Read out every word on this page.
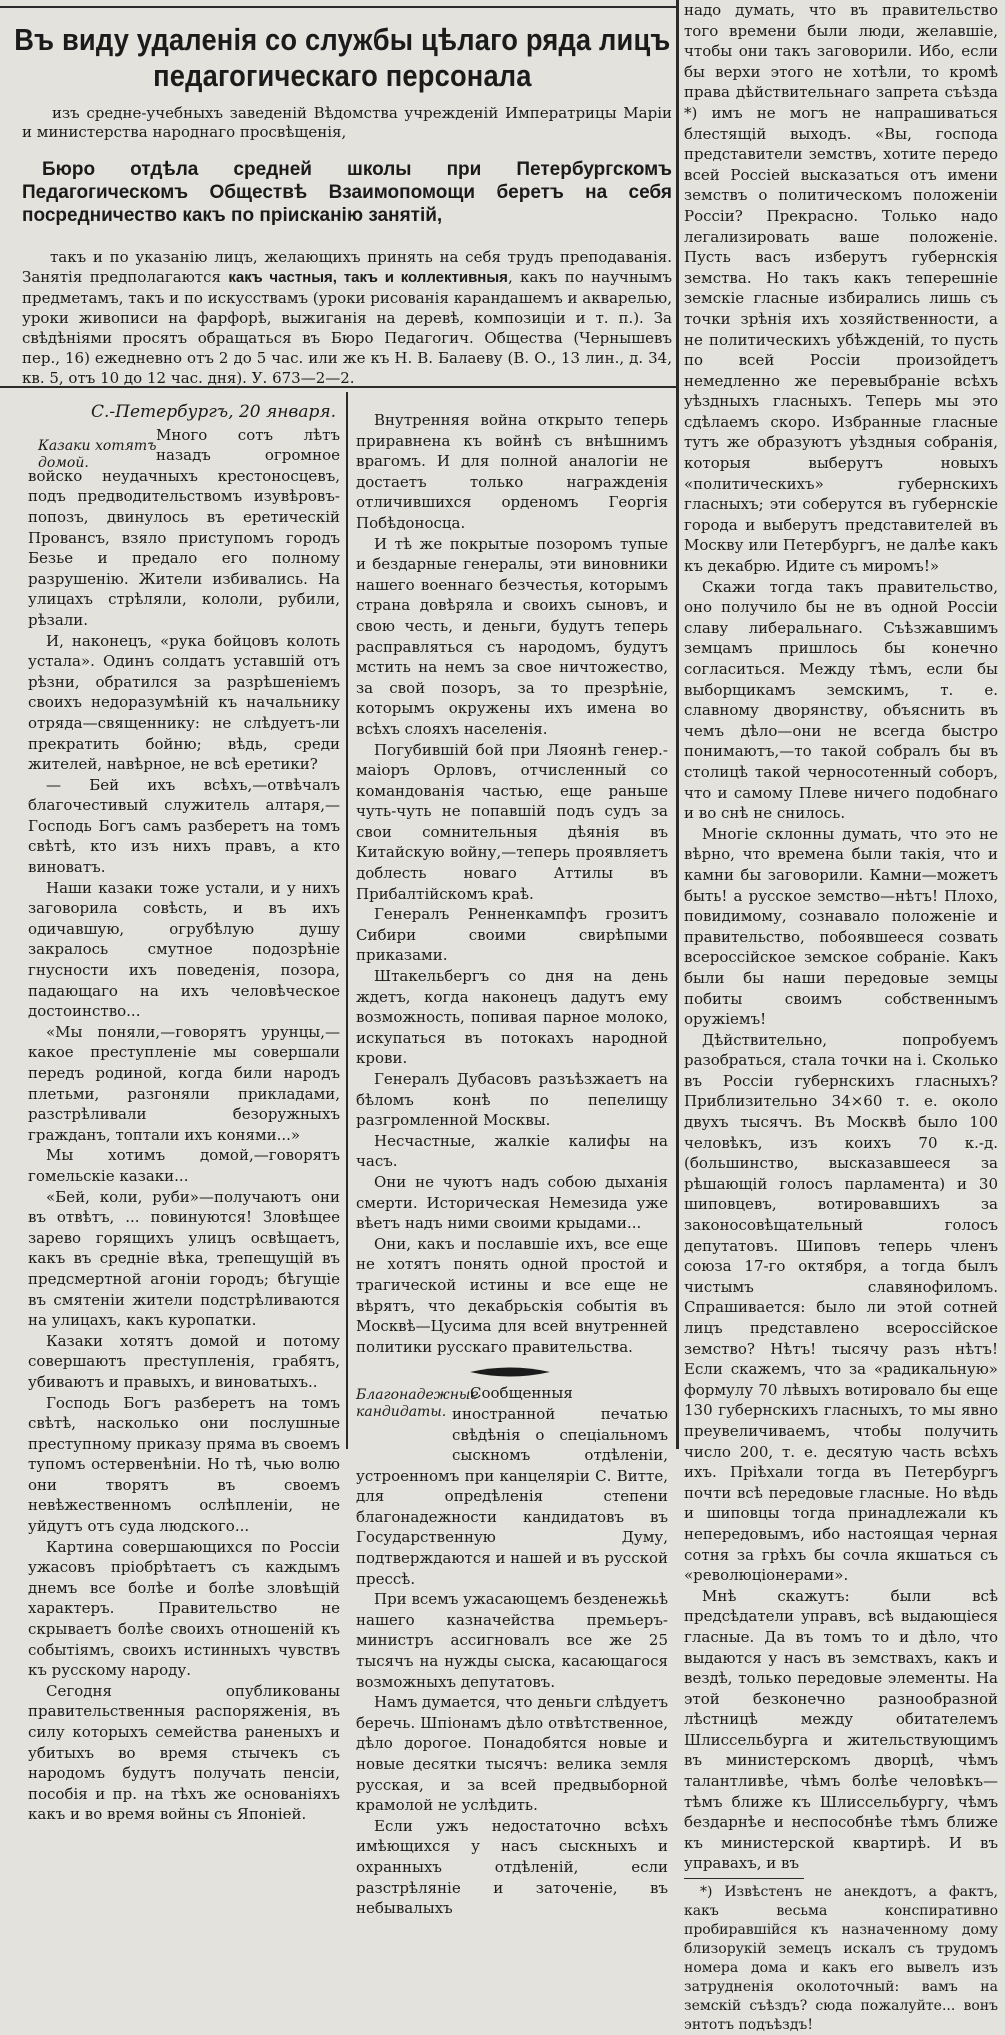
Въ виду удаленія со службы цѣлаго ряда лицъ педагогическаго персонала
изъ средне-учебныхъ заведеній Вѣдомства учрежденій Императрицы Маріи и министерства народнаго просвѣщенія,
Бюро отдѣла средней школы при Петербургскомъ Педагогическомъ Обществѣ Взаимопомощи беретъ на себя посредничество какъ по прiисканію занятій,
такъ и по указанію лицъ, желающихъ принять на себя трудъ преподаванія. Занятія предполагаются какъ частныя, такъ и коллективныя, какъ по научнымъ предметамъ, такъ и по искусствамъ (уроки рисованія карандашемъ и акварелью, уроки живописи на фарфорѣ, выжиганія на деревѣ, композиціи и т. п.). За свѣдѣніями просятъ обращаться въ Бюро Педагогич. Общества (Чернышевъ пер., 16) ежедневно отъ 2 до 5 час. или же къ Н. В. Балаеву (В. О., 13 лин., д. 34, кв. 5, отъ 10 до 12 час. дня). У. 673—2—2.
С.-Петербургъ, 20 января.
Казаки хотятъ домой.

Много сотъ лѣтъ назадъ огромное войско неудачныхъ крестоносцевъ, подъ предводительствомъ изувѣровъ-попозъ, двинулось въ еретическій Провансъ, взяло приступомъ городъ Безье и предало его полному разрушенію. Жители избивались. На улицахъ стрѣляли, кололи, рубили, рѣзали.

И, наконецъ, «рука бойцовъ колоть устала». Одинъ солдатъ уставшій отъ рѣзни, обратился за разрѣшеніемъ своихъ недоразумѣній къ начальнику отряда—священнику: не слѣдуетъ-ли прекратить бойню; вѣдь, среди жителей, навѣрное, не всѣ еретики?

— Бей ихъ всѣхъ,—отвѣчалъ благочестивый служитель алтаря,—Господь Богъ самъ разберетъ на томъ свѣтѣ, кто изъ нихъ правъ, а кто виноватъ.

Наши казаки тоже устали, и у нихъ заговорила совѣсть, и въ ихъ одичавшую, огрубѣлую душу закралось смутное подозрѣніе гнусности ихъ поведенія, позора, падающаго на ихъ человѣческое достоинство...

«Мы поняли,—говорятъ урунцы,—какое преступленіе мы совершали передъ родиной, когда били народъ плетьми, разгоняли прикладами, разстрѣливали безоружныхъ гражданъ, топтали ихъ конями...»

Мы хотимъ домой,—говорятъ гомельскіе казаки...

«Бей, коли, руби»—получаютъ они въ отвѣтъ, ... повинуются! Зловѣщее зарево горящихъ улицъ освѣщаетъ, какъ въ средніе вѣка, трепещущій въ предсмертной агоніи городъ; бѣгущіе въ смятеніи жители подстрѣливаются на улицахъ, какъ куропатки.

Казаки хотятъ домой и потому совершаютъ преступленія, грабятъ, убиваютъ и правыхъ, и виноватыхъ..

Господь Богъ разберетъ на томъ свѣтѣ, насколько они послушные преступному приказу пряма въ своемъ тупомъ остервенѣніи. Но тѣ, чью волю они творятъ въ своемъ невѣжественномъ ослѣпленіи, не уйдутъ отъ суда людского...

Картина совершающихся по Россіи ужасовъ пріобрѣтаетъ съ каждымъ днемъ все болѣе и болѣе зловѣщій характеръ. Правительство не скрываетъ болѣе своихъ отношеній къ событіямъ, своихъ истинныхъ чувствъ къ русскому народу.

Сегодня опубликованы правительственныя распоряженія, въ силу которыхъ семейства раненыхъ и убитыхъ во время стычекъ съ народомъ будутъ получать пенсіи, пособія и пр. на тѣхъ же основаніяхъ какъ и во время войны съ Японіей.

Внутренняя война открыто теперь приравнена къ войнѣ съ внѣшнимъ врагомъ. И для полной аналогіи не достаетъ только награжденія отличившихся орденомъ Георгія Побѣдоносца.

И тѣ же покрытые позоромъ тупые и бездарные генералы, эти виновники нашего военнаго безчестья, которымъ страна довѣряла и своихъ сыновъ, и свою честь, и деньги, будутъ теперь расправляться съ народомъ, будутъ мстить на немъ за свое ничтожество, за свой позоръ, за то презрѣніе, которымъ окружены ихъ имена во всѣхъ слояхъ населенія.

Погубившій бой при Ляоянѣ генер.-маіоръ Орловъ, отчисленный со командованія частью, еще раньше чуть-чуть не попавшій подъ судъ за свои сомнительныя дѣянія въ Китайскую войну,—теперь проявляетъ доблесть новаго Аттилы въ Прибалтійскомъ краѣ.

Генералъ Ренненкампфъ грозитъ Сибири своими свирѣпыми приказами.

Штакельбергъ со дня на день ждетъ, когда наконецъ дадутъ ему возможность, попивая парное молоко, искупаться въ потокахъ народной крови.

Генералъ Дубасовъ разъѣзжаетъ на бѣломъ конѣ по пепелищу разгромленной Москвы.

Несчастные, жалкіе калифы на часъ.

Они не чуютъ надъ собою дыханія смерти. Историческая Немезида уже вѣетъ надъ ними своими крыдами...

Они, какъ и пославшіе ихъ, все еще не хотятъ понять одной простой и трагической истины и все еще не вѣрятъ, что декабрьскія событія въ Москвѣ—Цусима для всей внутренней политики русскаго правительства.

Благонадежные кандидаты.

Сообщенныя иностранной печатью свѣдѣнія о спеціальномъ сыскномъ отдѣленіи, устроенномъ при канцеляріи С. Витте, для опредѣленія степени благонадежности кандидатовъ въ Государственную Думу, подтверждаются и нашей и въ русской прессѣ.

При всемъ ужасающемъ безденежьѣ нашего казначейства премьеръ-министръ ассигновалъ все же 25 тысячъ на нужды сыска, касающагося возможныхъ депутатовъ.

Намъ думается, что деньги слѣдуетъ беречь. Шпіонамъ дѣло отвѣтственное, дѣло дорогое. Понадобятся новые и новые десятки тысячъ: велика земля русская, и за всей предвыборной крамолой не услѣдить.

Если ужъ недостаточно всѣхъ имѣющихся у насъ сыскныхъ и охранныхъ отдѣленій, если разстрѣляніе и заточеніе, въ небывалыхъ

надо думать, что въ правительство того времени были люди, желавшіе, чтобы они такъ заговорили. Ибо, если бы верхи этого не хотѣли, то кромѣ права дѣйствительнаго запрета съѣзда *) имъ не могъ не напрашиваться блестящій выходъ. «Вы, господа представители земствъ, хотите передо всей Россіей высказаться отъ имени земствъ о политическомъ положеніи Россіи? Прекрасно. Только надо легализировать ваше положеніе. Пусть васъ изберутъ губернскія земства. Но такъ какъ теперешніе земскіе гласные избирались лишь съ точки зрѣнія ихъ хозяйственности, а не политическихъ убѣжденій, то пусть по всей Россіи произойдетъ немедленно же перевыбраніе всѣхъ уѣздныхъ гласныхъ. Теперь мы это сдѣлаемъ скоро. Избранные гласные тутъ же образуютъ уѣздныя собранія, которыя выберутъ новыхъ «политическихъ» губернскихъ гласныхъ; эти соберутся въ губернскіе города и выберутъ представителей въ Москву или Петербургъ, не далѣе какъ къ декабрю. Идите съ миромъ!»

Скажи тогда такъ правительство, оно получило бы не въ одной Россіи славу либеральнаго. Съѣзжавшимъ земцамъ пришлось бы конечно согласиться. Между тѣмъ, если бы выборщикамъ земскимъ, т. е. славному дворянству, объяснить въ чемъ дѣло—они не всегда быстро понимаютъ,—то такой собралъ бы въ столицѣ такой черносотенный соборъ, что и самому Плеве ничего подобнаго и во снѣ не снилось.

Многіе склонны думать, что это не вѣрно, что времена были такія, что и камни бы заговорили. Камни—можетъ быть! а русское земство—нѣтъ! Плохо, повидимому, сознавало положеніе и правительство, побоявшееся созвать всероссійское земское собраніе. Какъ были бы наши передовые земцы побиты своимъ собственнымъ оружіемъ!

Дѣйствительно, попробуемъ разобраться, стала точки на і. Сколько въ Россіи губернскихъ гласныхъ? Приблизительно 34×60 т. е. около двухъ тысячъ. Въ Москвѣ было 100 человѣкъ, изъ коихъ 70 к.-д. (большинство, высказавшееся за рѣшающій голосъ парламента) и 30 шиповцевъ, вотировавшихъ за законосовѣщательный голосъ депутатовъ. Шиповъ теперь членъ союза 17-го октября, а тогда былъ чистымъ славянофиломъ. Спрашивается: было ли этой сотней лицъ представлено всероссійское земство? Нѣтъ! тысячу разъ нѣтъ! Если скажемъ, что за «радикальную» формулу 70 лѣвыхъ вотировало бы еще 130 губернскихъ гласныхъ, то мы явно преувеличиваемъ, чтобы получить число 200, т. е. десятую часть всѣхъ ихъ. Пріѣхали тогда въ Петербургъ почти всѣ передовые гласные. Но вѣдь и шиповцы тогда принадлежали къ непередовымъ, ибо настоящая черная сотня за грѣхъ бы сочла якшаться съ «революціонерами».

Мнѣ скажутъ: были всѣ предсѣдатели управъ, всѣ выдающіеся гласные. Да въ томъ то и дѣло, что выдаются у насъ въ земствахъ, какъ и вездѣ, только передовые элементы. На этой безконечно разнообразной лѣстницѣ между обитателемъ Шлиссельбурга и жительствующимъ въ министерскомъ дворцѣ, чѣмъ талантливѣе, чѣмъ болѣе человѣкъ—тѣмъ ближе къ Шлиссельбургу, чѣмъ бездарнѣе и неспособнѣе тѣмъ ближе къ министерской квартирѣ. И въ управахъ, и въ

*) Извѣстенъ не анекдотъ, а фактъ, какъ весьма конспиративно пробиравшійся къ назначенному дому близорукій земецъ искалъ съ трудомъ номера дома и какъ его вывелъ изъ затрудненія околоточный: вамъ на земскій съѣздъ? сюда пожалуйте... вонъ энтотъ подъѣздъ!
